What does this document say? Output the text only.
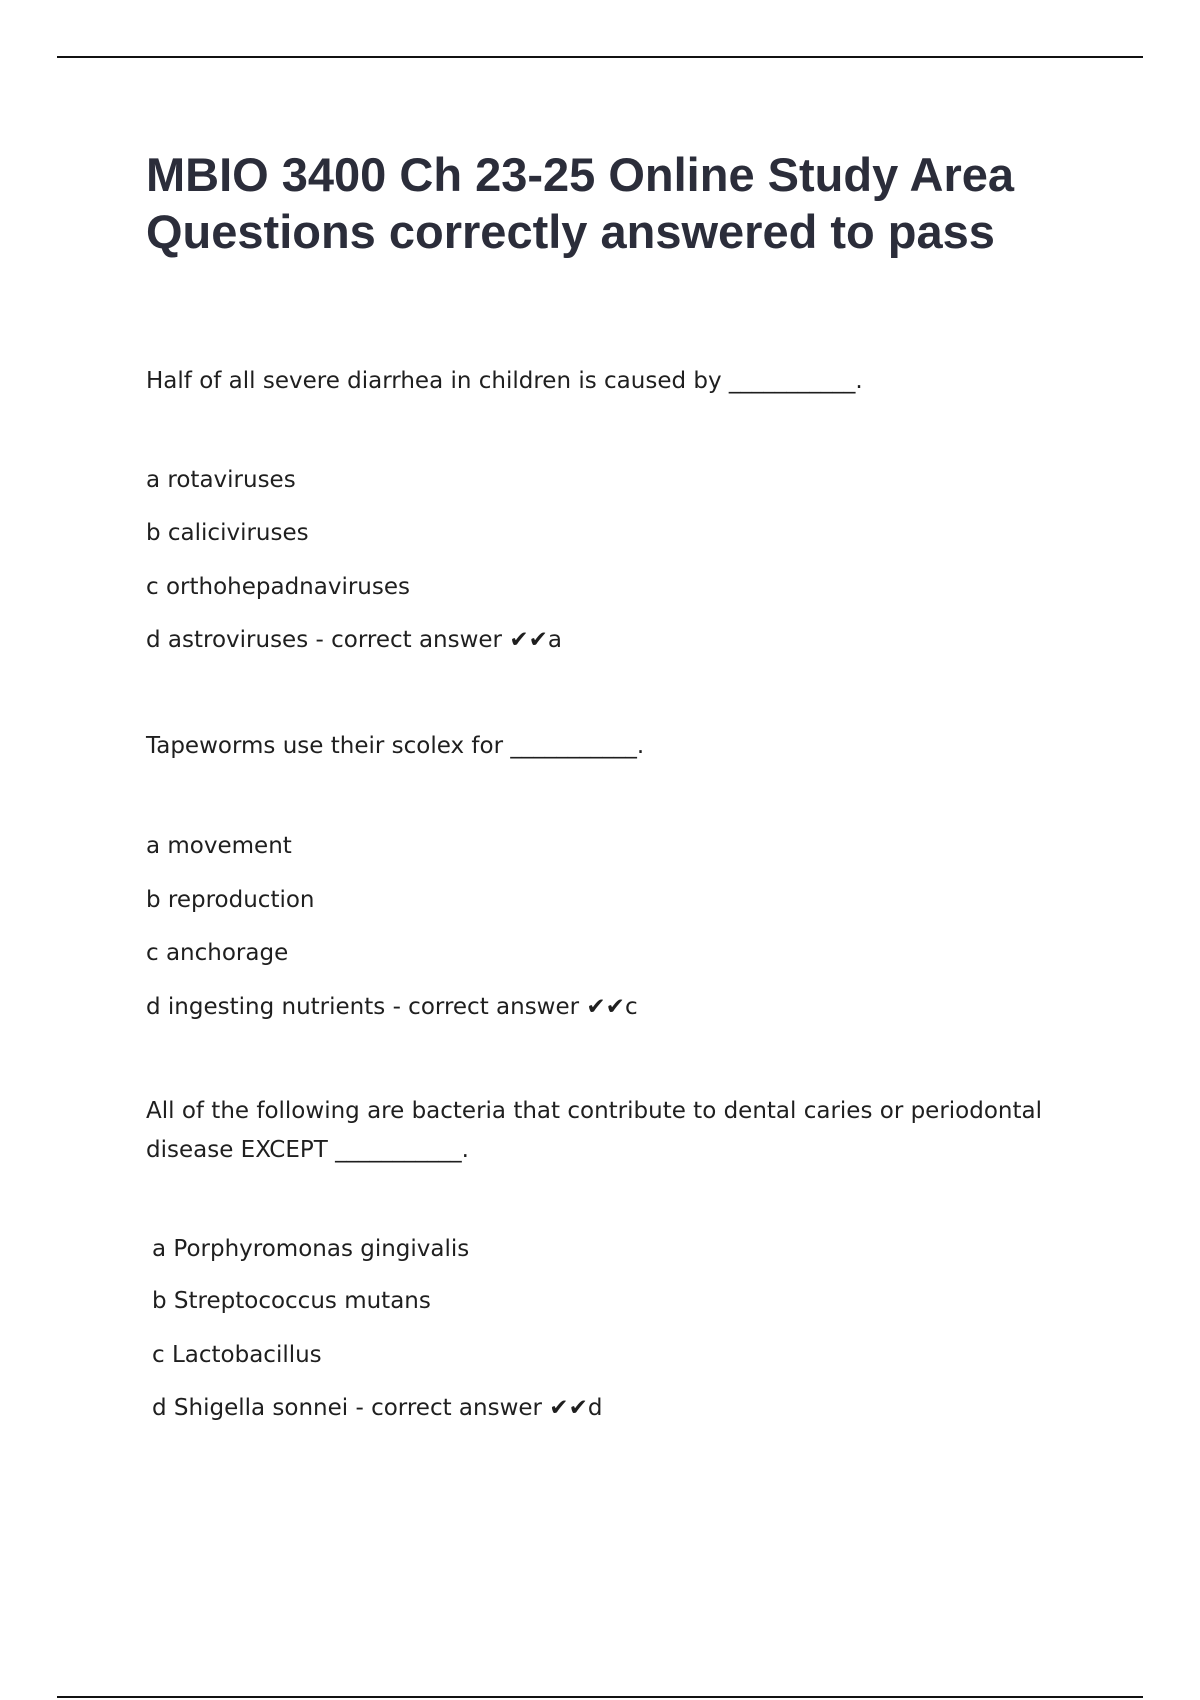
MBIO 3400 Ch 23-25 Online Study Area Questions correctly answered to pass

Half of all severe diarrhea in children is caused by ___________.

a rotaviruses

b caliciviruses

c orthohepadnaviruses

d astroviruses - correct answer ✔✔a

Tapeworms use their scolex for ___________.

a movement

b reproduction

c anchorage

d ingesting nutrients - correct answer ✔✔c

All of the following are bacteria that contribute to dental caries or periodontal disease EXCEPT ___________.

a Porphyromonas gingivalis

b Streptococcus mutans

c Lactobacillus

d Shigella sonnei - correct answer ✔✔d
